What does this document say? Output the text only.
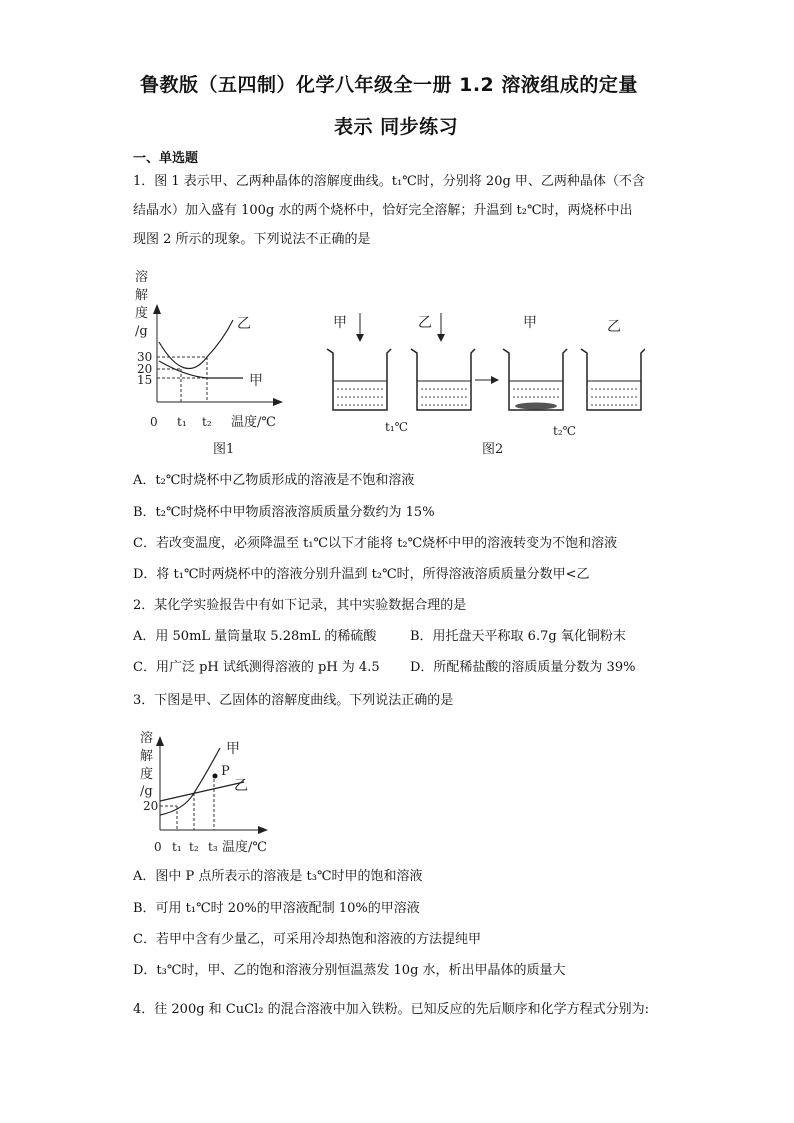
鲁教版（五四制）化学八年级全一册 1.2 溶液组成的定量
表示 同步练习
一、单选题
1．图 1 表示甲、乙两种晶体的溶解度曲线。t₁℃时，分别将 20g 甲、乙两种晶体（不含
结晶水）加入盛有 100g 水的两个烧杯中，恰好完全溶解；升温到 t₂℃时，两烧杯中出
现图 2 所示的现象。下列说法不正确的是
溶
解
度
/g
30
20
15
0 t₁ t₂ 温度/℃
乙
甲
图1
甲	乙	甲	乙
t₁℃	t₂℃
图2
A．t₂℃时烧杯中乙物质形成的溶液是不饱和溶液
B．t₂℃时烧杯中甲物质溶液溶质质量分数约为 15%
C．若改变温度，必须降温至 t₁℃以下才能将 t₂℃烧杯中甲的溶液转变为不饱和溶液
D．将 t₁℃时两烧杯中的溶液分别升温到 t₂℃时，所得溶液溶质质量分数甲<乙
2．某化学实验报告中有如下记录，其中实验数据合理的是
A．用 50mL 量筒量取 5.28mL 的稀硫酸	B．用托盘天平称取 6.7g 氧化铜粉末
C．用广泛 pH 试纸测得溶液的 pH 为 4.5 D．所配稀盐酸的溶质质量分数为 39%
3．下图是甲、乙固体的溶解度曲线。下列说法正确的是
溶
解
度
/g
P
甲
乙
20
0 t₁ t₂ t₃ 温度/℃
A．图中 P 点所表示的溶液是 t₃℃时甲的饱和溶液
B．可用 t₁℃时 20%的甲溶液配制 10%的甲溶液
C．若甲中含有少量乙，可采用冷却热饱和溶液的方法提纯甲
D．t₃℃时，甲、乙的饱和溶液分别恒温蒸发 10g 水，析出甲晶体的质量大
4．往 200g 和 CuCl₂ 的混合溶液中加入铁粉。已知反应的先后顺序和化学方程式分别为:
